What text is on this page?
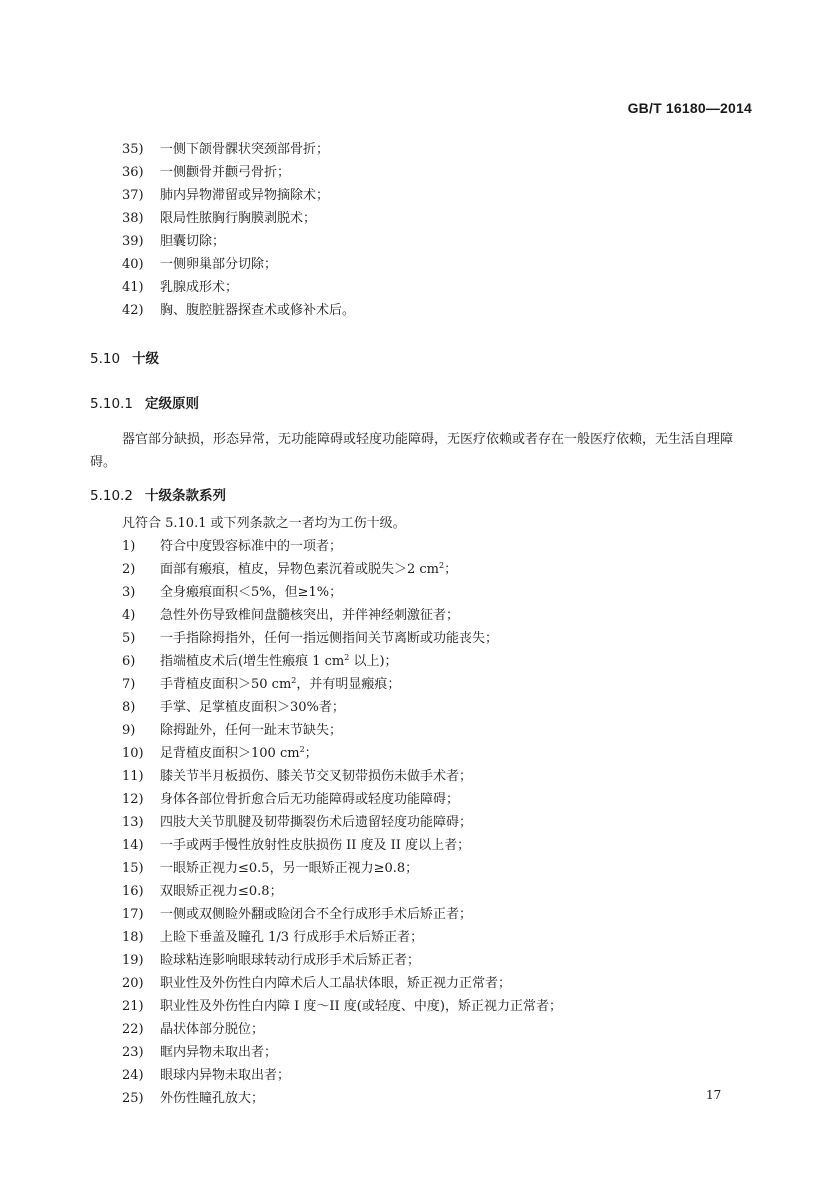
GB/T 16180—2014
35) 一侧下颌骨髁状突颈部骨折；
36) 一侧颧骨并颧弓骨折；
37) 肺内异物滞留或异物摘除术；
38) 限局性脓胸行胸膜剥脱术；
39) 胆囊切除；
40) 一侧卵巢部分切除；
41) 乳腺成形术；
42) 胸、腹腔脏器探查术或修补术后。
5.10 十级
5.10.1 定级原则
器官部分缺损，形态异常，无功能障碍或轻度功能障碍，无医疗依赖或者存在一般医疗依赖，无生活自理障碍。
5.10.2 十级条款系列
凡符合 5.10.1 或下列条款之一者均为工伤十级。
1) 符合中度毁容标准中的一项者；
2) 面部有瘢痕，植皮，异物色素沉着或脱失＞2 $cm^2$；
3) 全身瘢痕面积＜5%，但≥1%；
4) 急性外伤导致椎间盘髓核突出，并伴神经刺激征者；
5) 一手指除拇指外，任何一指远侧指间关节离断或功能丧失；
6) 指端植皮术后(增生性瘢痕 1 $cm^2$ 以上)；
7) 手背植皮面积＞50 $cm^2$，并有明显瘢痕；
8) 手掌、足掌植皮面积＞30%者；
9) 除拇趾外，任何一趾末节缺失；
10) 足背植皮面积＞100 $cm^2$；
11) 膝关节半月板损伤、膝关节交叉韧带损伤未做手术者；
12) 身体各部位骨折愈合后无功能障碍或轻度功能障碍；
13) 四肢大关节肌腱及韧带撕裂伤术后遗留轻度功能障碍；
14) 一手或两手慢性放射性皮肤损伤 II 度及 II 度以上者；
15) 一眼矫正视力≤0.5，另一眼矫正视力≥0.8；
16) 双眼矫正视力≤0.8；
17) 一侧或双侧睑外翻或睑闭合不全行成形手术后矫正者；
18) 上睑下垂盖及瞳孔 1/3 行成形手术后矫正者；
19) 睑球粘连影响眼球转动行成形手术后矫正者；
20) 职业性及外伤性白内障术后人工晶状体眼，矫正视力正常者；
21) 职业性及外伤性白内障 I 度～II 度(或轻度、中度)，矫正视力正常者；
22) 晶状体部分脱位；
23) 眶内异物未取出者；
24) 眼球内异物未取出者；
25) 外伤性瞳孔放大；	17
